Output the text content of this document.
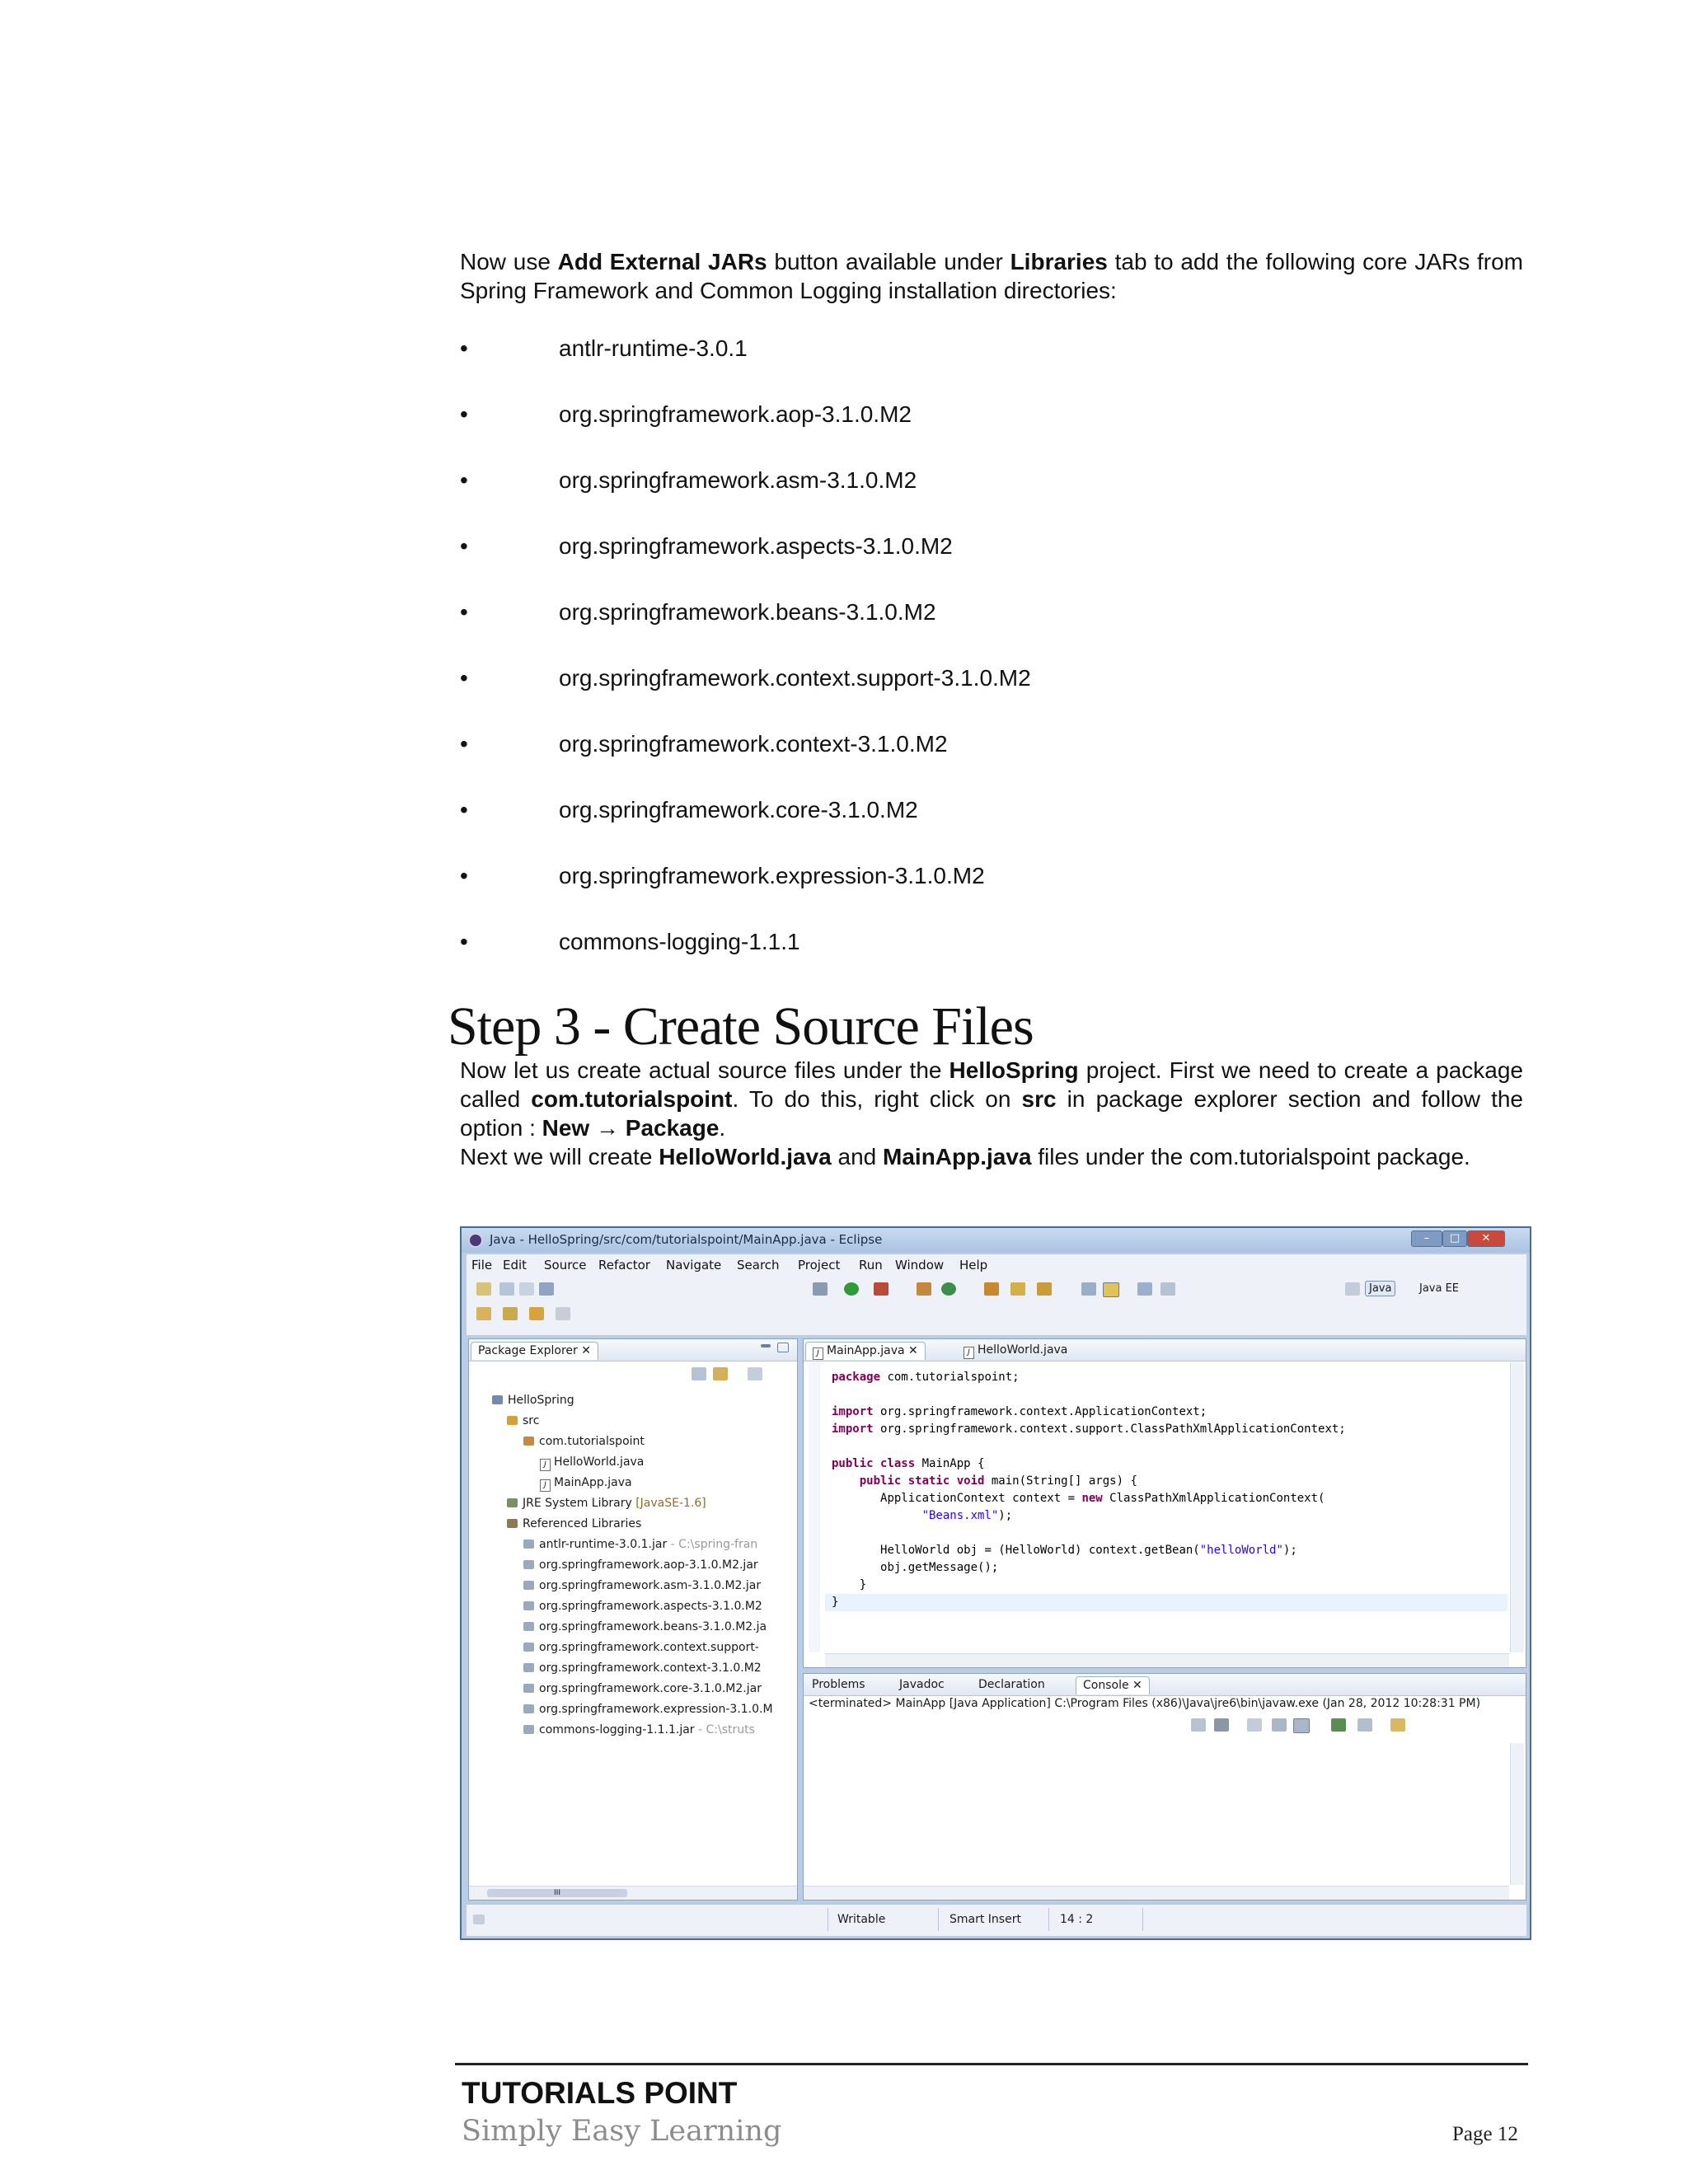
Now use Add External JARs button available under Libraries tab to add the following core JARs from Spring Framework and Common Logging installation directories:
•	antlr-runtime-3.0.1
•	org.springframework.aop-3.1.0.M2
•	org.springframework.asm-3.1.0.M2
•	org.springframework.aspects-3.1.0.M2
•	org.springframework.beans-3.1.0.M2
•	org.springframework.context.support-3.1.0.M2
•	org.springframework.context-3.1.0.M2
•	org.springframework.core-3.1.0.M2
•	org.springframework.expression-3.1.0.M2
•	commons-logging-1.1.1
Step 3 - Create Source Files
Now let us create actual source files under the HelloSpring project. First we need to create a package called com.tutorialspoint. To do this, right click on src in package explorer section and follow the option : New → Package.
Next we will create HelloWorld.java and MainApp.java files under the com.tutorialspoint package.
Java - HelloSpring/src/com/tutorialspoint/MainApp.java - Eclipse	–	□	✕
File Edit Source Refactor Navigate Search Project Run Window Help
Java	Java EE
Package Explorer ✕
HelloSpring
src
com.tutorialspoint
J HelloWorld.java
J MainApp.java
JRE System Library [JavaSE-1.6]
Referenced Libraries
antlr-runtime-3.0.1.jar - C:\spring-fran
org.springframework.aop-3.1.0.M2.jar
org.springframework.asm-3.1.0.M2.jar
org.springframework.aspects-3.1.0.M2
org.springframework.beans-3.1.0.M2.ja
org.springframework.context.support-
org.springframework.context-3.1.0.M2
org.springframework.core-3.1.0.M2.jar
org.springframework.expression-3.1.0.M
commons-logging-1.1.1.jar - C:\struts
III
J MainApp.java ✕	J HelloWorld.java
package com.tutorialspoint;

import org.springframework.context.ApplicationContext;
import org.springframework.context.support.ClassPathXmlApplicationContext;

public class MainApp {
public static void main(String[] args) {
ApplicationContext context = new ClassPathXmlApplicationContext(
"Beans.xml");

HelloWorld obj = (HelloWorld) context.getBean("helloWorld");
obj.getMessage();
}
}
Problems	Javadoc	Declaration	Console ✕
<terminated> MainApp [Java Application] C:\Program Files (x86)\Java\jre6\bin\javaw.exe (Jan 28, 2012 10:28:31 PM)
Writable	Smart Insert	14 : 2
TUTORIALS POINT
Simply Easy Learning	Page 12
